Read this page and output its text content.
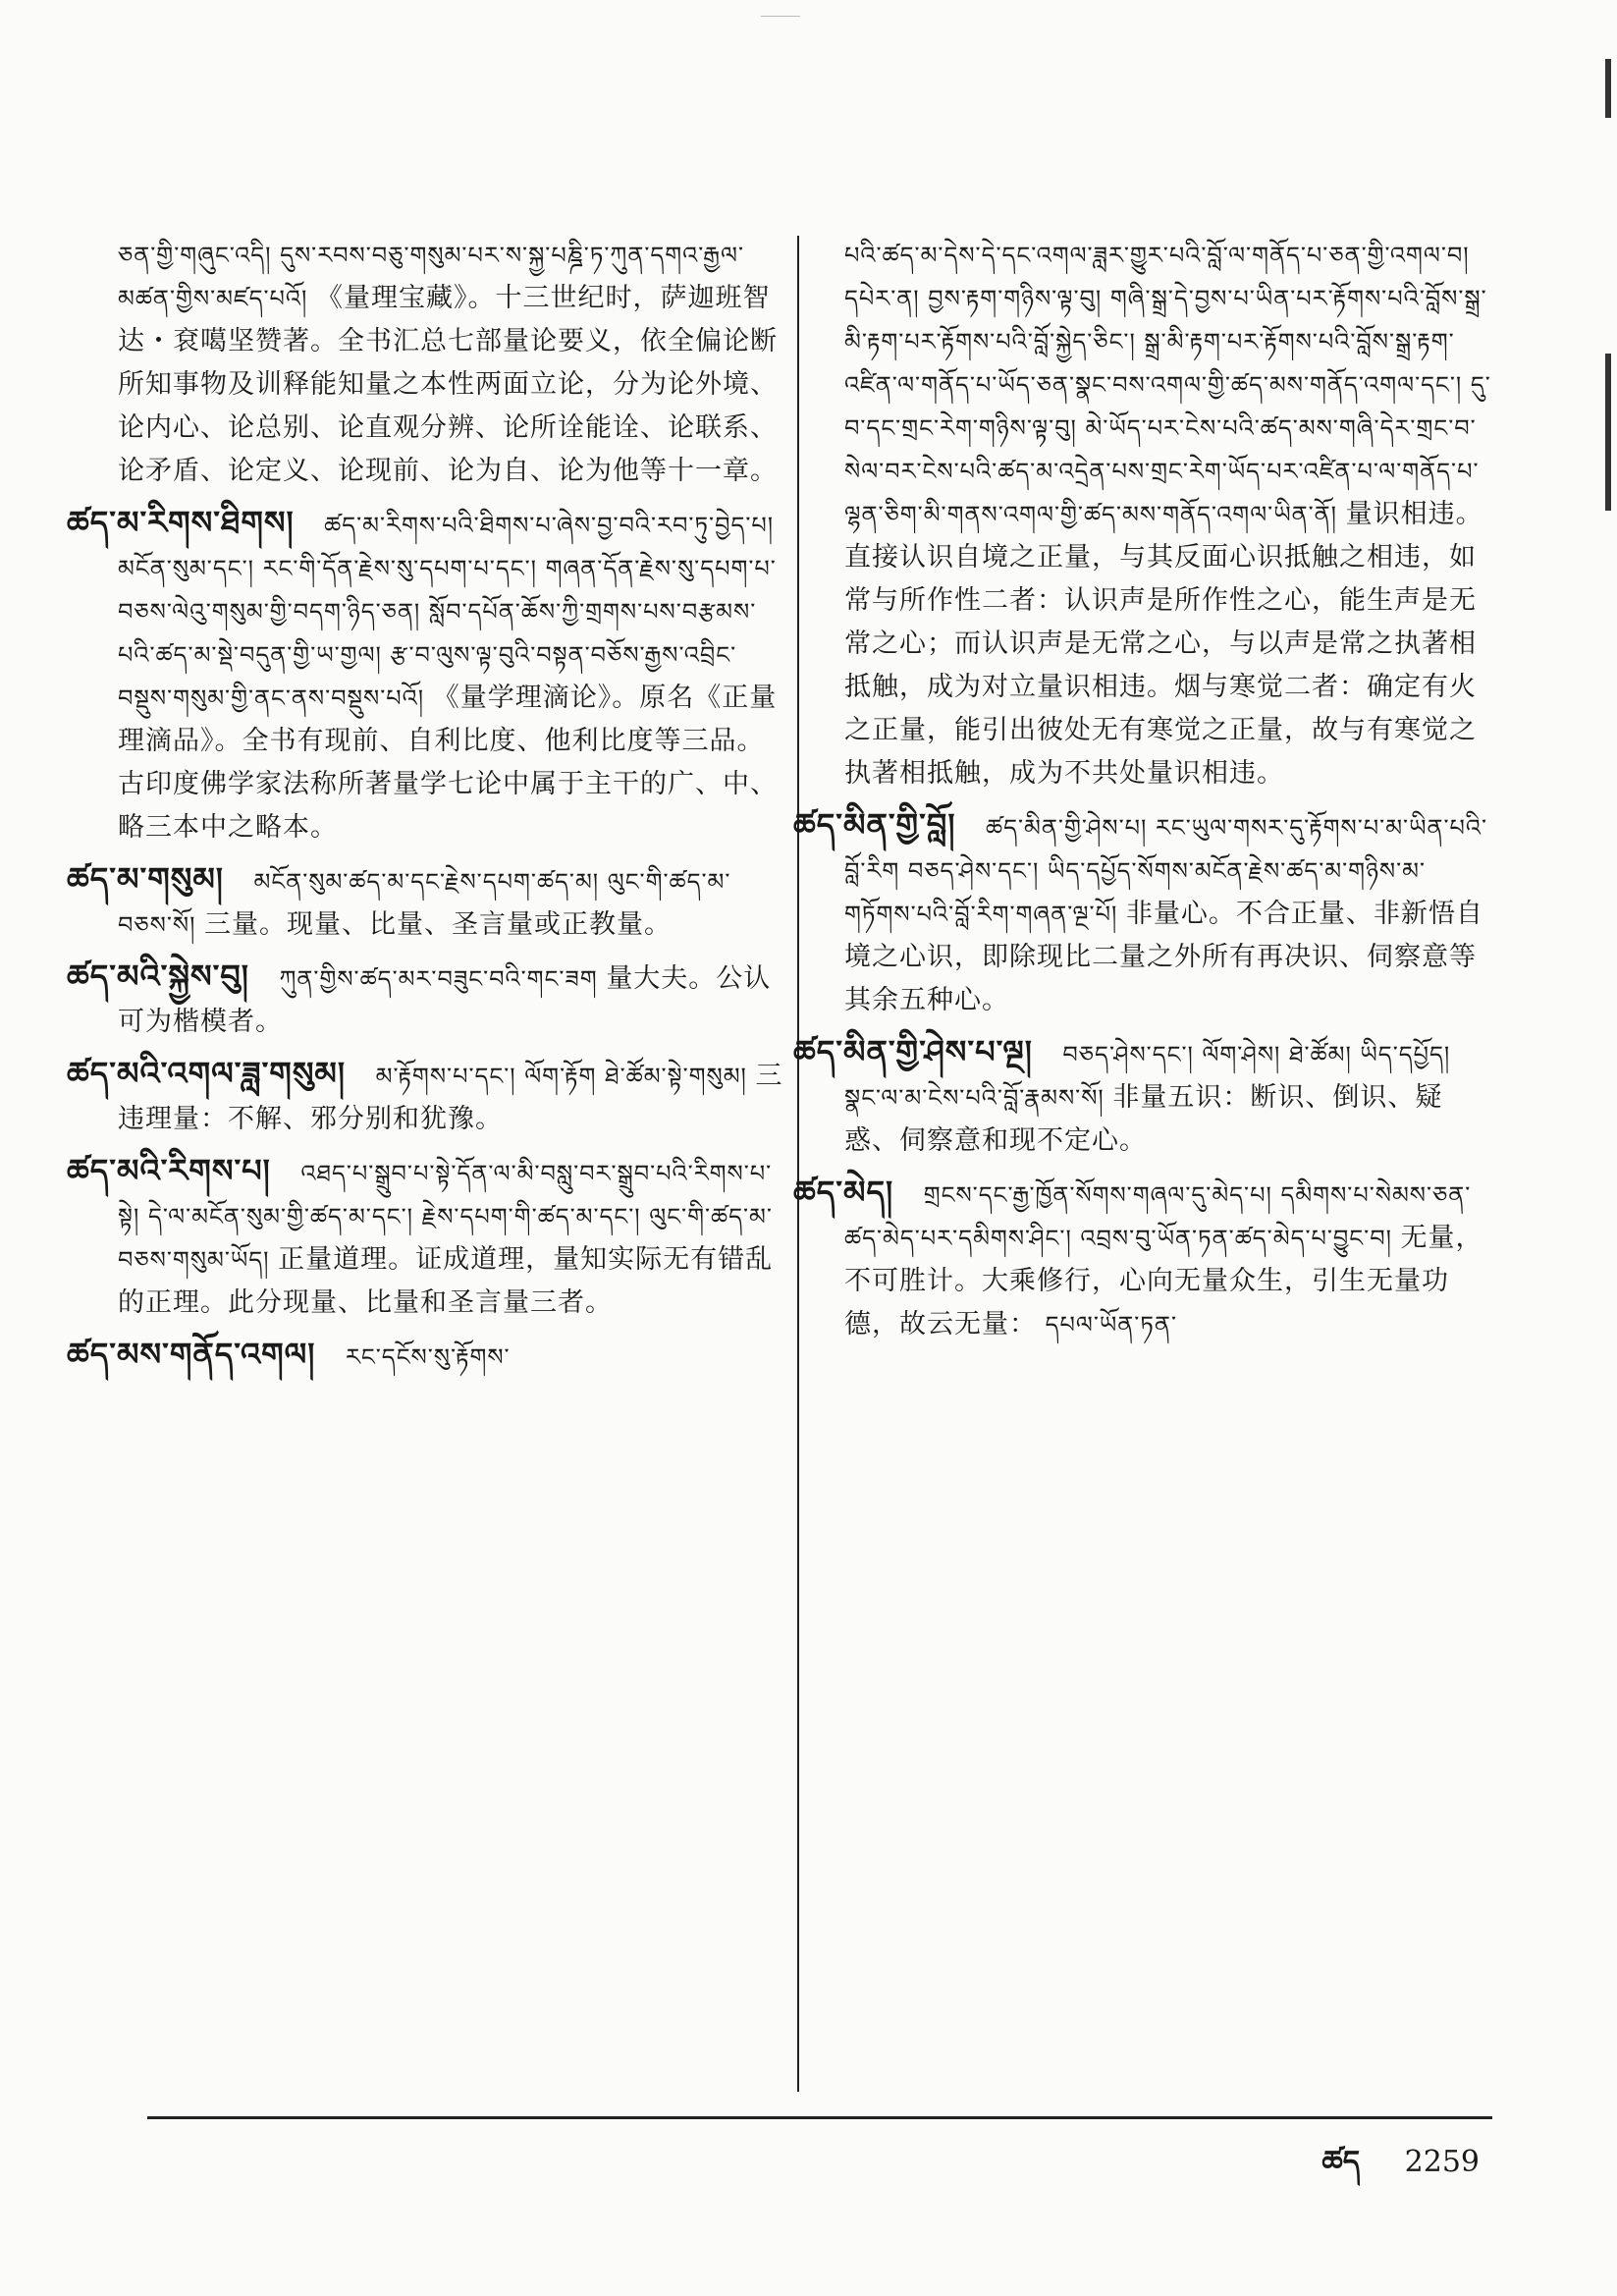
ཅན་གྱི་གཞུང་འདི། དུས་རབས་བཅུ་གསུམ་པར་ས་སྐྱ་པཎྜི་ཏ་ཀུན་དགའ་རྒྱལ་མཚན་གྱིས་མཛད་པའོ། 《量理宝藏》。十三世纪时，萨迦班智达・袞噶坚赞著。全书汇总七部量论要义，依全偏论断所知事物及训释能知量之本性两面立论，分为论外境、论内心、论总别、论直观分辨、论所诠能诠、论联系、论矛盾、论定义、论现前、论为自、论为他等十一章。

ཚད་མ་རིགས་ཐིགས། ཚད་མ་རིགས་པའི་ཐིགས་པ་ཞེས་བྱ་བའི་རབ་ཏུ་བྱེད་པ། མངོན་སུམ་དང་། རང་གི་དོན་རྗེས་སུ་དཔག་པ་དང་། གཞན་དོན་རྗེས་སུ་དཔག་པ་བཅས་ལེའུ་གསུམ་གྱི་བདག་ཉིད་ཅན། སློབ་དཔོན་ཆོས་ཀྱི་གྲགས་པས་བརྩམས་པའི་ཚད་མ་སྡེ་བདུན་གྱི་ཡ་གྱལ། རྩ་བ་ལུས་ལྟ་བུའི་བསྟན་བཅོས་རྒྱས་འབྲིང་བསྡུས་གསུམ་གྱི་ནང་ནས་བསྡུས་པའོ། 《量学理滴论》。原名《正量理滴品》。全书有现前、自利比度、他利比度等三品。古印度佛学家法称所著量学七论中属于主干的广、中、略三本中之略本。

ཚད་མ་གསུམ། མངོན་སུམ་ཚད་མ་དང་རྗེས་དཔག་ཚད་མ། ལུང་གི་ཚད་མ་བཅས་སོ། 三量。现量、比量、圣言量或正教量。

ཚད་མའི་སྐྱེས་བུ། ཀུན་གྱིས་ཚད་མར་བཟུང་བའི་གང་ཟག 量大夫。公认可为楷模者。

ཚད་མའི་འགལ་ཟླ་གསུམ། མ་རྟོགས་པ་དང་། ལོག་རྟོག ཐེ་ཚོམ་སྟེ་གསུམ། 三违理量：不解、邪分别和犹豫。

ཚད་མའི་རིགས་པ། འཐད་པ་སྒྲུབ་པ་སྟེ་དོན་ལ་མི་བསླུ་བར་སྒྲུབ་པའི་རིགས་པ་སྟེ། དེ་ལ་མངོན་སུམ་གྱི་ཚད་མ་དང་། རྗེས་དཔག་གི་ཚད་མ་དང་། ལུང་གི་ཚད་མ་བཅས་གསུམ་ཡོད། 正量道理。证成道理，量知实际无有错乱的正理。此分现量、比量和圣言量三者。

ཚད་མས་གནོད་འགལ། རང་དངོས་སུ་རྟོགས་

པའི་ཚད་མ་དེས་དེ་དང་འགལ་ཟླར་གྱུར་པའི་བློ་ལ་གནོད་པ་ཅན་གྱི་འགལ་བ། དཔེར་ན། བྱས་རྟག་གཉིས་ལྟ་བུ། གཞི་སྒྲ་དེ་བྱས་པ་ཡིན་པར་རྟོགས་པའི་བློས་སྒྲ་མི་རྟག་པར་རྟོགས་པའི་བློ་སྐྱེད་ཅིང་། སྒྲ་མི་རྟག་པར་རྟོགས་པའི་བློས་སྒྲ་རྟག་འཛིན་ལ་གནོད་པ་ཡོད་ཅན་སྣང་བས་འགལ་གྱི་ཚད་མས་གནོད་འགལ་དང་། དུ་བ་དང་གྲང་རེག་གཉིས་ལྟ་བུ། མེ་ཡོད་པར་ངེས་པའི་ཚད་མས་གཞི་དེར་གྲང་བ་སེལ་བར་ངེས་པའི་ཚད་མ་འདྲེན་པས་གྲང་རེག་ཡོད་པར་འཛིན་པ་ལ་གནོད་པ་ལྷན་ཅིག་མི་གནས་འགལ་གྱི་ཚད་མས་གནོད་འགལ་ཡིན་ནོ། 量识相违。直接认识自境之正量，与其反面心识抵触之相违，如常与所作性二者：认识声是所作性之心，能生声是无常之心；而认识声是无常之心，与以声是常之执著相抵触，成为对立量识相违。烟与寒觉二者：确定有火之正量，能引出彼处无有寒觉之正量，故与有寒觉之执著相抵触，成为不共处量识相违。

ཚད་མིན་གྱི་བློ། ཚད་མིན་གྱི་ཤེས་པ། རང་ཡུལ་གསར་དུ་རྟོགས་པ་མ་ཡིན་པའི་བློ་རིག བཅད་ཤེས་དང་། ཡིད་དཔྱོད་སོགས་མངོན་རྗེས་ཚད་མ་གཉིས་མ་གཏོགས་པའི་བློ་རིག་གཞན་ལྔ་པོ། 非量心。不合正量、非新悟自境之心识，即除现比二量之外所有再决识、伺察意等其余五种心。

ཚད་མིན་གྱི་ཤེས་པ་ལྔ། བཅད་ཤེས་དང་། ལོག་ཤེས། ཐེ་ཚོམ། ཡིད་དཔྱོད། སྣང་ལ་མ་ངེས་པའི་བློ་རྣམས་སོ། 非量五识：断识、倒识、疑惑、伺察意和现不定心。

ཚད་མེད། གྲངས་དང་རྒྱ་ཁྱོན་སོགས་གཞལ་དུ་མེད་པ། དམིགས་པ་སེམས་ཅན་ཚད་མེད་པར་དམིགས་ཤིང་། འབྲས་བུ་ཡོན་ཏན་ཚད་མེད་པ་བྱུང་བ། 无量，不可胜计。大乘修行，心向无量众生，引生无量功德，故云无量： དཔལ་ཡོན་ཏན་

ཚད 2259
